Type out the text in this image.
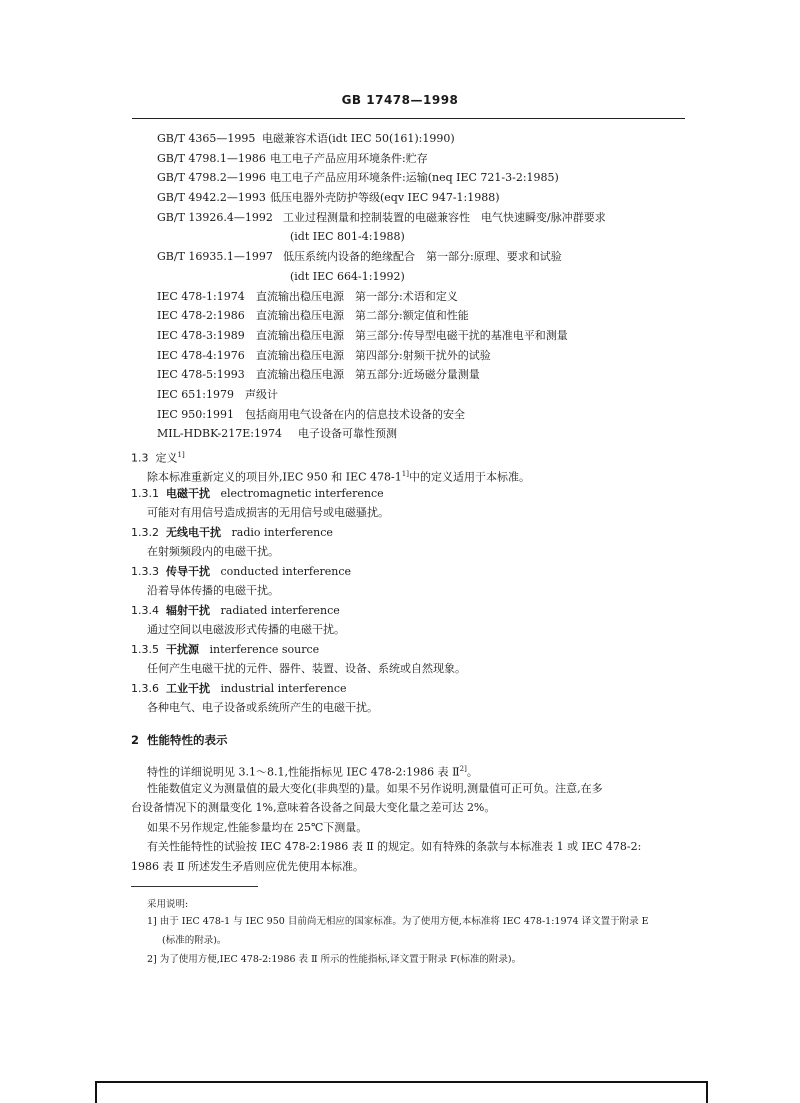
GB 17478—1998
GB/T 4365—1995 电磁兼容术语(idt IEC 50(161):1990)
GB/T 4798.1—1986 电工电子产品应用环境条件:贮存
GB/T 4798.2—1996 电工电子产品应用环境条件:运输(neq IEC 721-3-2:1985)
GB/T 4942.2—1993 低压电器外壳防护等级(eqv IEC 947-1:1988)
GB/T 13926.4—1992 工业过程测量和控制装置的电磁兼容性　电气快速瞬变/脉冲群要求
(idt IEC 801-4:1988)
GB/T 16935.1—1997 低压系统内设备的绝缘配合　第一部分:原理、要求和试验
(idt IEC 664-1:1992)
IEC 478-1:1974 直流输出稳压电源　第一部分:术语和定义
IEC 478-2:1986 直流输出稳压电源　第二部分:额定值和性能
IEC 478-3:1989 直流输出稳压电源　第三部分:传导型电磁干扰的基准电平和测量
IEC 478-4:1976 直流输出稳压电源　第四部分:射频干扰外的试验
IEC 478-5:1993 直流输出稳压电源　第五部分:近场磁分量测量
IEC 651:1979 声级计
IEC 950:1991 包括商用电气设备在内的信息技术设备的安全
MIL-HDBK-217E:1974 电子设备可靠性预测
1.3 定义$^{1]}$
除本标准重新定义的项目外,IEC 950 和 IEC $478-1^{1]}$中的定义适用于本标准。
1.3.1 电磁干扰 electromagnetic interference
可能对有用信号造成损害的无用信号或电磁骚扰。
1.3.2 无线电干扰 radio interference
在射频频段内的电磁干扰。
1.3.3 传导干扰 conducted interference
沿着导体传播的电磁干扰。
1.3.4 辐射干扰 radiated interference
通过空间以电磁波形式传播的电磁干扰。
1.3.5 干扰源 interference source
任何产生电磁干扰的元件、器件、装置、设备、系统或自然现象。
1.3.6 工业干扰 industrial interference
各种电气、电子设备或系统所产生的电磁干扰。
2 性能特性的表示
特性的详细说明见 3.1～8.1,性能指标见 IEC 478-2:1986 表 Ⅱ$^{2]}$。
性能数值定义为测量值的最大变化(非典型的)量。如果不另作说明,测量值可正可负。注意,在多
台设备情况下的测量变化 1%,意味着各设备之间最大变化量之差可达 2%。
如果不另作规定,性能参量均在 25℃下测量。
有关性能特性的试验按 IEC 478-2:1986 表 Ⅱ 的规定。如有特殊的条款与本标准表 1 或 IEC 478-2:
1986 表 Ⅱ 所述发生矛盾则应优先使用本标准。
采用说明:
1] 由于 IEC 478-1 与 IEC 950 目前尚无相应的国家标准。为了使用方便,本标准将 IEC 478-1:1974 译文置于附录 E
(标准的附录)。
2] 为了使用方便,IEC 478-2:1986 表 Ⅱ 所示的性能指标,译文置于附录 F(标准的附录)。
